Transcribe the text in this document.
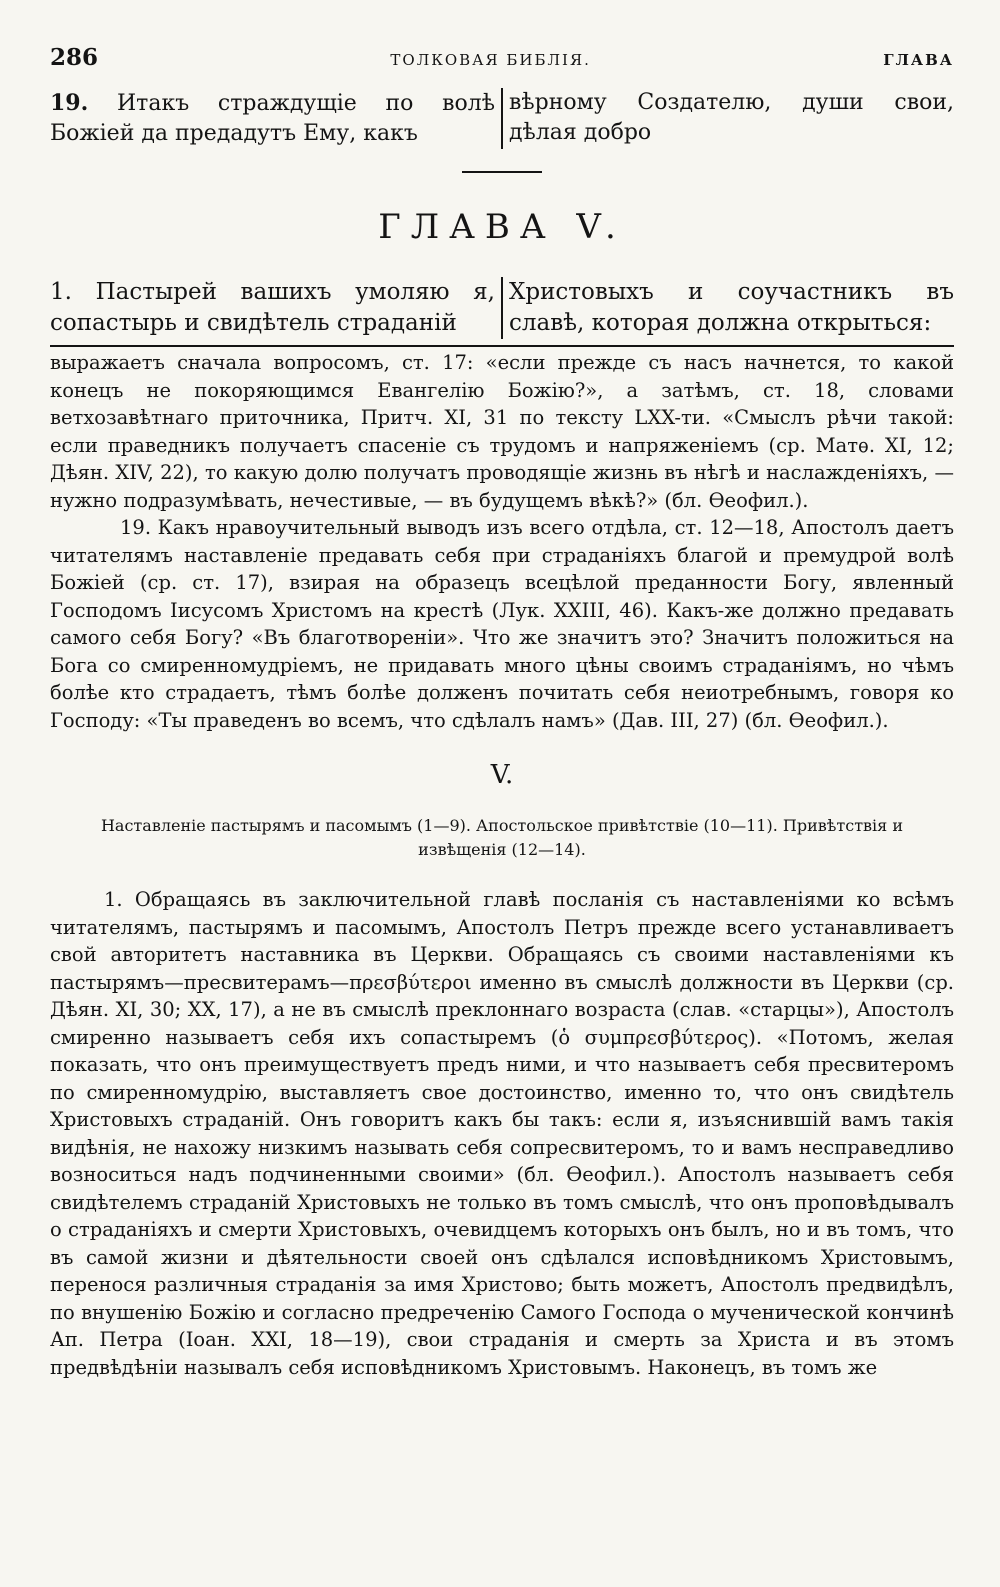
286	ТОЛКОВАЯ БИБЛІЯ.	ГЛАВА
19. Итакъ страждущіе по волѣ Божіей да предадутъ Ему, какъ
вѣрному Создателю, души свои, дѣлая добро
ГЛАВА V.
1. Пастырей вашихъ умоляю я, сопастырь и свидѣтель страданій
Христовыхъ и соучастникъ въ славѣ, которая должна открыться:

выражаетъ сначала вопросомъ, ст. 17: «если прежде съ насъ начнется, то какой конецъ не покоряющимся Евангелію Божію?», а затѣмъ, ст. 18, словами ветхозавѣтнаго приточника, Притч. XI, 31 по тексту LXX-ти. «Смыслъ рѣчи такой: если праведникъ получаетъ спасеніе съ трудомъ и напряженіемъ (ср. Матѳ. XI, 12; Дѣян. XIV, 22), то какую долю получатъ проводящіе жизнь въ нѣгѣ и наслажденіяхъ, — нужно подразумѣвать, нечестивые, — въ будущемъ вѣкѣ?» (бл. Ѳеофил.).

19. Какъ нравоучительный выводъ изъ всего отдѣла, ст. 12—18, Апостолъ даетъ читателямъ наставленіе предавать себя при страданіяхъ благой и премудрой волѣ Божіей (ср. ст. 17), взирая на образецъ всецѣлой преданности Богу, явленный Господомъ Іисусомъ Христомъ на крестѣ (Лук. XXIII, 46). Какъ-же должно предавать самого себя Богу? «Въ благотвореніи». Что же значитъ это? Значитъ положиться на Бога со смиренномудріемъ, не придавать много цѣны своимъ страданіямъ, но чѣмъ болѣе кто страдаетъ, тѣмъ болѣе долженъ почитать себя неиотребнымъ, говоря ко Господу: «Ты праведенъ во всемъ, что сдѣлалъ намъ» (Дав. III, 27) (бл. Ѳеофил.).

V.
Наставленіе пастырямъ и пасомымъ (1—9). Апостольское привѣтствіе (10—11). Привѣтствія и извѣщенія (12—14).

1. Обращаясь въ заключительной главѣ посланія съ наставленіями ко всѣмъ читателямъ, пастырямъ и пасомымъ, Апостолъ Петръ прежде всего устанавливаетъ свой авторитетъ наставника въ Церкви. Обращаясь съ своими наставленіями къ пастырямъ—пресвитерамъ—πρεσβύτεροι именно въ смыслѣ должности въ Церкви (ср. Дѣян. XI, 30; XX, 17), а не въ смыслѣ преклоннаго возраста (слав. «старцы»), Апостолъ смиренно называетъ себя ихъ сопастыремъ (ὁ συμπρεσβύτερος). «Потомъ, желая показать, что онъ преимуществуетъ предъ ними, и что называетъ себя пресвитеромъ по смиренномудрію, выставляетъ свое достоинство, именно то, что онъ свидѣтель Христовыхъ страданій. Онъ говоритъ какъ бы такъ: если я, изъяснившій вамъ такія видѣнія, не нахожу низкимъ называть себя сопресвитеромъ, то и вамъ несправедливо возноситься надъ подчиненными своими» (бл. Ѳеофил.). Апостолъ называетъ себя свидѣтелемъ страданій Христовыхъ не только въ томъ смыслѣ, что онъ проповѣдывалъ о страданіяхъ и смерти Христовыхъ, очевидцемъ которыхъ онъ былъ, но и въ томъ, что въ самой жизни и дѣятельности своей онъ сдѣлался исповѣдникомъ Христовымъ, перенося различныя страданія за имя Христово; быть можетъ, Апостолъ предвидѣлъ, по внушенію Божію и согласно предреченію Самого Господа о мученической кончинѣ Ап. Петра (Іоан. XXI, 18—19), свои страданія и смерть за Христа и въ этомъ предвѣдѣніи называлъ себя исповѣдникомъ Христовымъ. Наконецъ, въ томъ же
